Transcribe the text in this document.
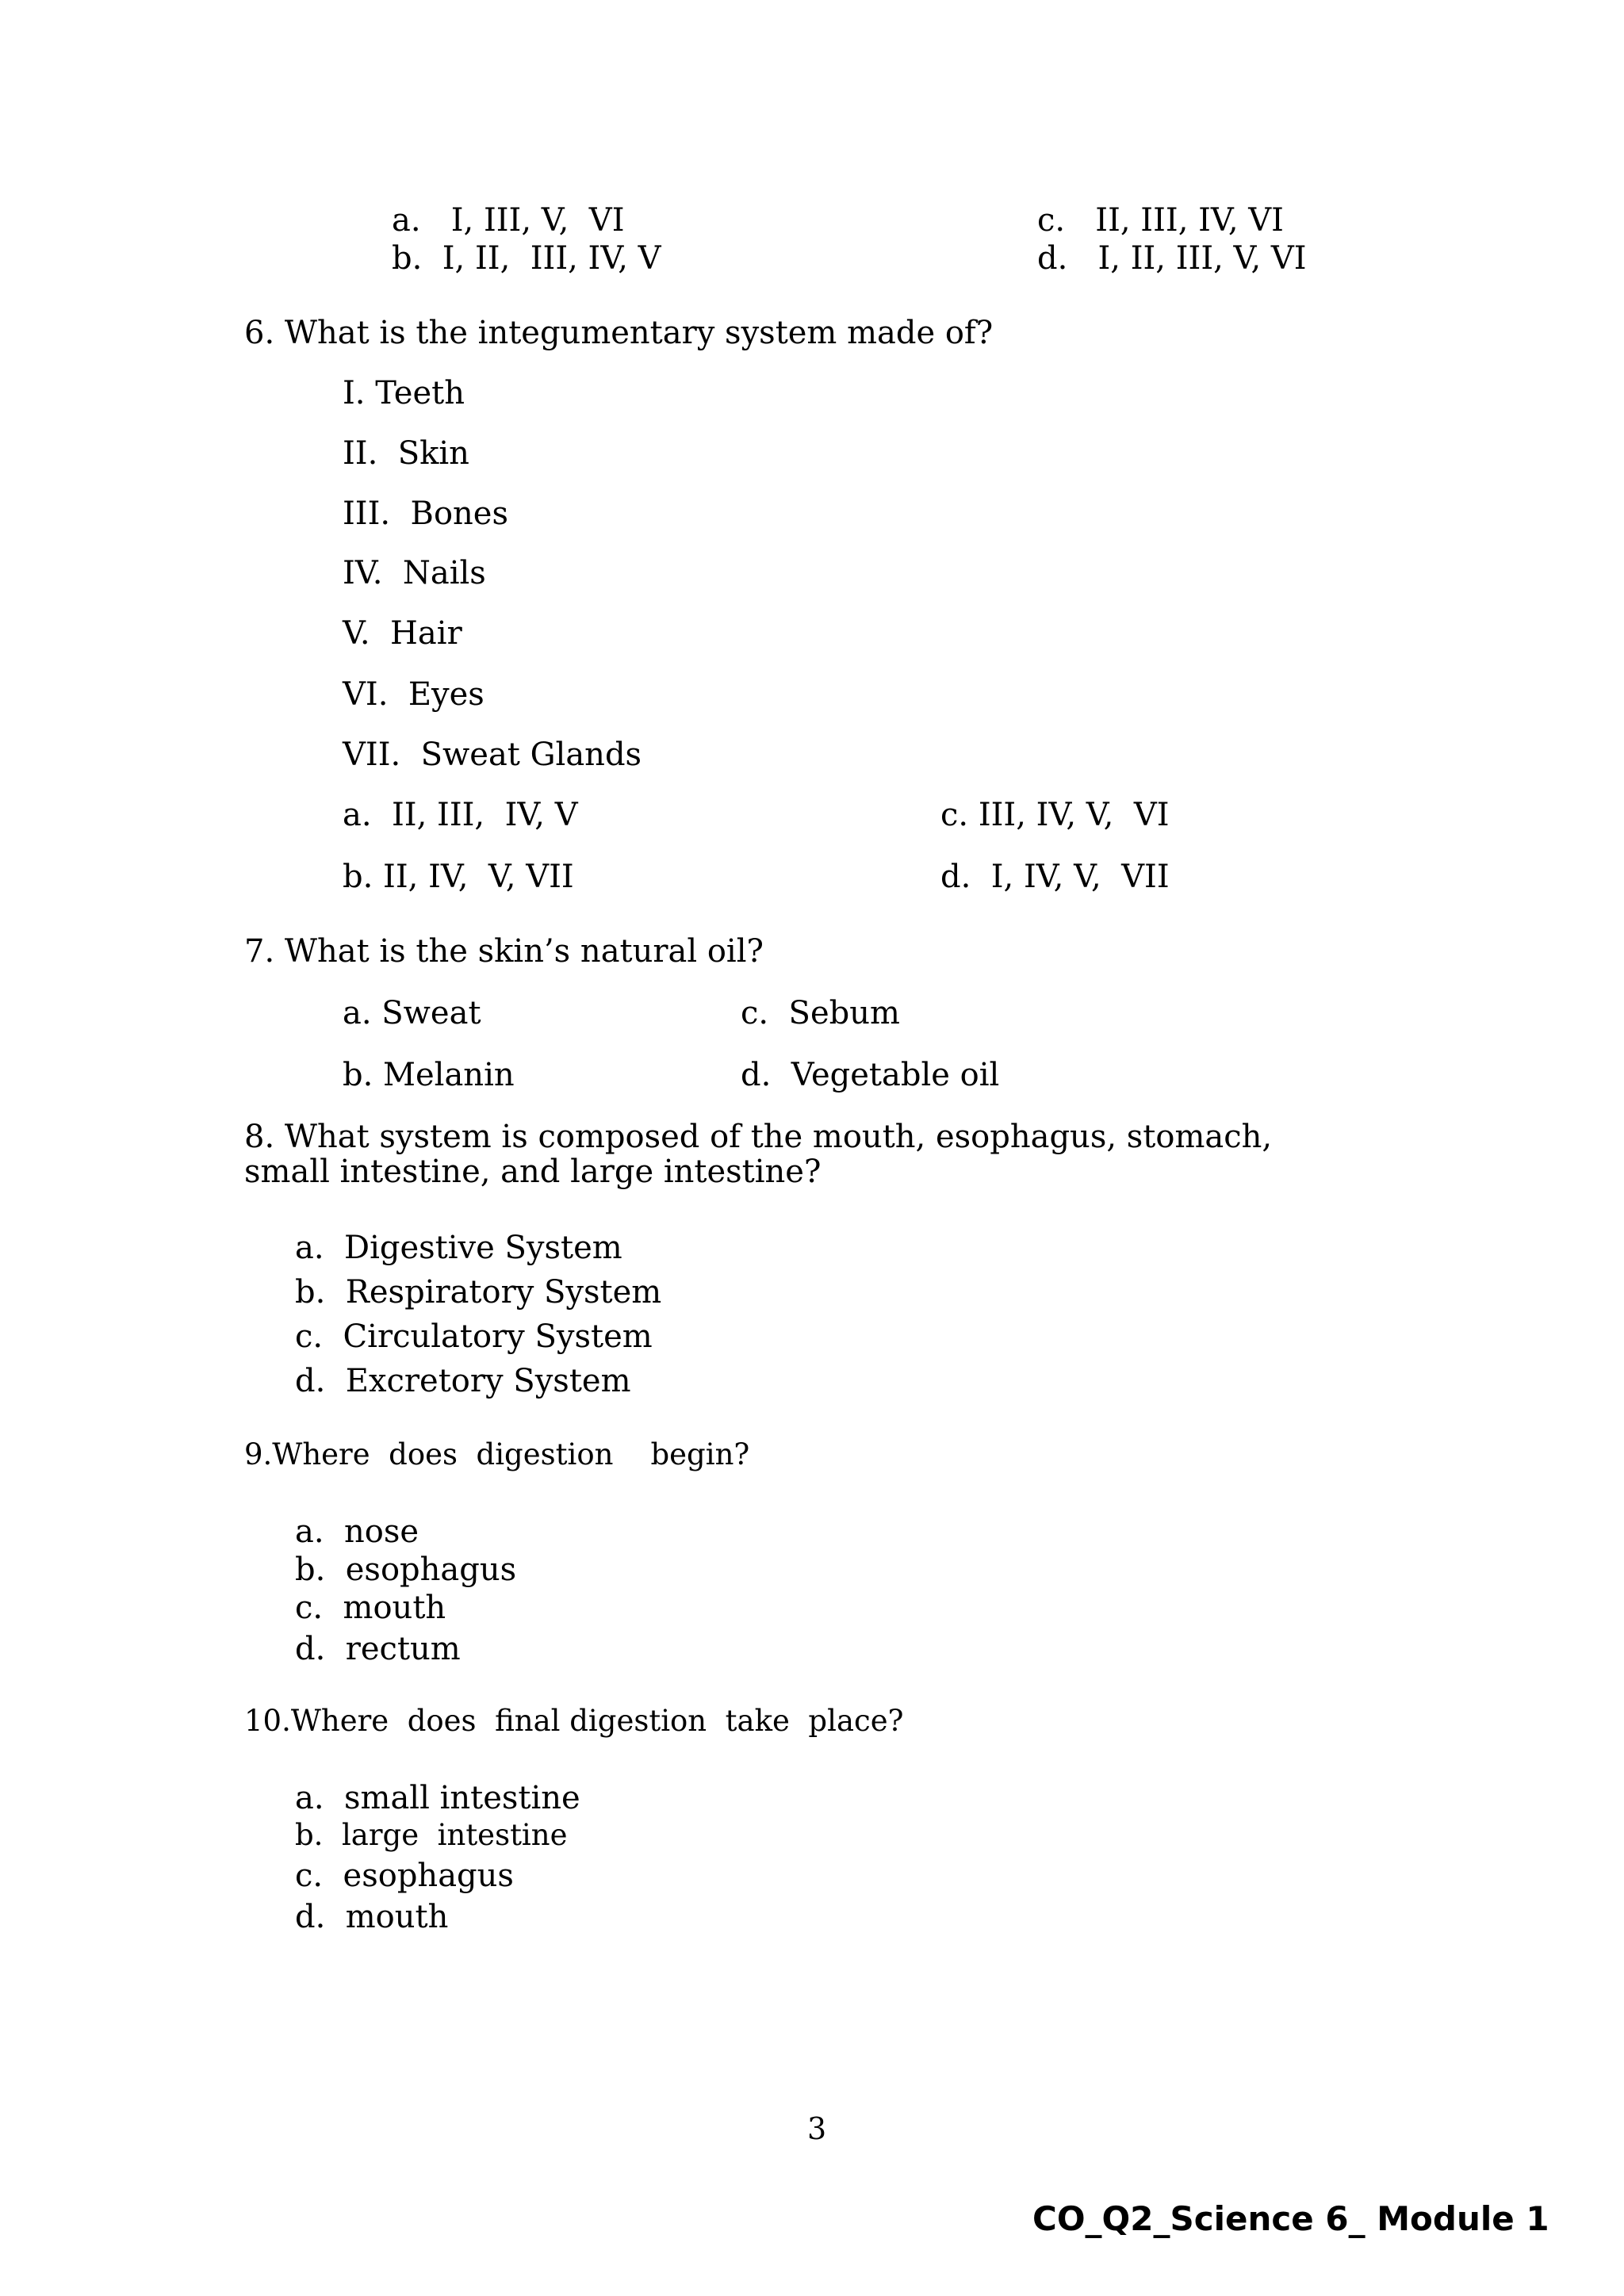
a.   I, III, V,  VI
b.  I, II,  III, IV, V
c.   II, III, IV, VI
d.   I, II, III, V, VI
6. What is the integumentary system made of?
I. Teeth
II.  Skin
III.  Bones
IV.  Nails
V.  Hair
VI.  Eyes
VII.  Sweat Glands
a.  II, III,  IV, V
b. II, IV,  V, VII
c. III, IV, V,  VI
d.  I, IV, V,  VII
7. What is the skin’s natural oil?
a. Sweat
b. Melanin
c.  Sebum
d.  Vegetable oil
8. What system is composed of the mouth, esophagus, stomach,
small intestine, and large intestine?
a.  Digestive System
b.  Respiratory System
c.  Circulatory System
d.  Excretory System
9.Where  does  digestion    begin?
a.  nose
b.  esophagus
c.  mouth
d.  rectum
10.Where  does  final digestion  take  place?
a.  small intestine
b.  large  intestine
c.  esophagus
d.  mouth
3
CO_Q2_Science 6_ Module 1
